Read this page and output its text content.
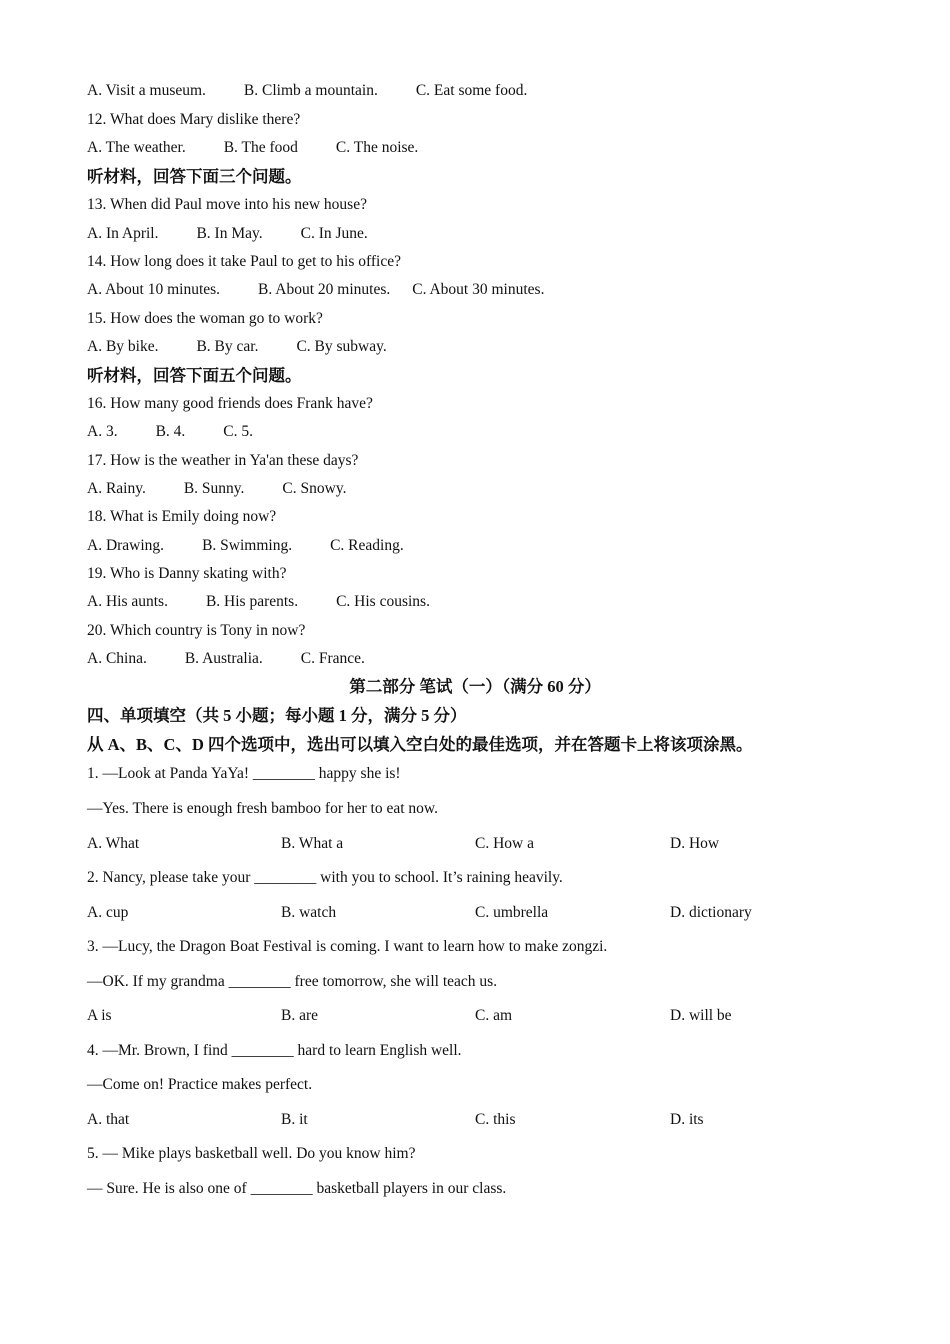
A. Visit a museum. B. Climb a mountain. C. Eat some food.
12. What does Mary dislike there?
A. The weather. B. The food C. The noise.
听材料，回答下面三个问题。
13. When did Paul move into his new house?
A. In April. B. In May. C. In June.
14. How long does it take Paul to get to his office?
A. About 10 minutes. B. About 20 minutes. C. About 30 minutes.
15. How does the woman go to work?
A. By bike. B. By car. C. By subway.
听材料，回答下面五个问题。
16. How many good friends does Frank have?
A. 3. B. 4. C. 5.
17. How is the weather in Ya'an these days?
A. Rainy. B. Sunny. C. Snowy.
18. What is Emily doing now?
A. Drawing. B. Swimming. C. Reading.
19. Who is Danny skating with?
A. His aunts. B. His parents. C. His cousins.
20. Which country is Tony in now?
A. China. B. Australia. C. France.
第二部分 笔试（一）（满分 60 分）
四、单项填空（共 5 小题；每小题 1 分，满分 5 分）
从 A、B、C、D 四个选项中，选出可以填入空白处的最佳选项，并在答题卡上将该项涂黑。
1. —Look at Panda YaYa! ________ happy she is!
—Yes. There is enough fresh bamboo for her to eat now.
A. What	B. What a	C. How a	D. How
2. Nancy, please take your ________ with you to school. It’s raining heavily.
A. cup	B. watch	C. umbrella	D. dictionary
3. —Lucy, the Dragon Boat Festival is coming. I want to learn how to make zongzi.
—OK. If my grandma ________ free tomorrow, she will teach us.
A is	B. are	C. am	D. will be
4. —Mr. Brown, I find ________ hard to learn English well.
—Come on! Practice makes perfect.
A. that	B. it	C. this	D. its
5. — Mike plays basketball well. Do you know him?
— Sure. He is also one of ________ basketball players in our class.
